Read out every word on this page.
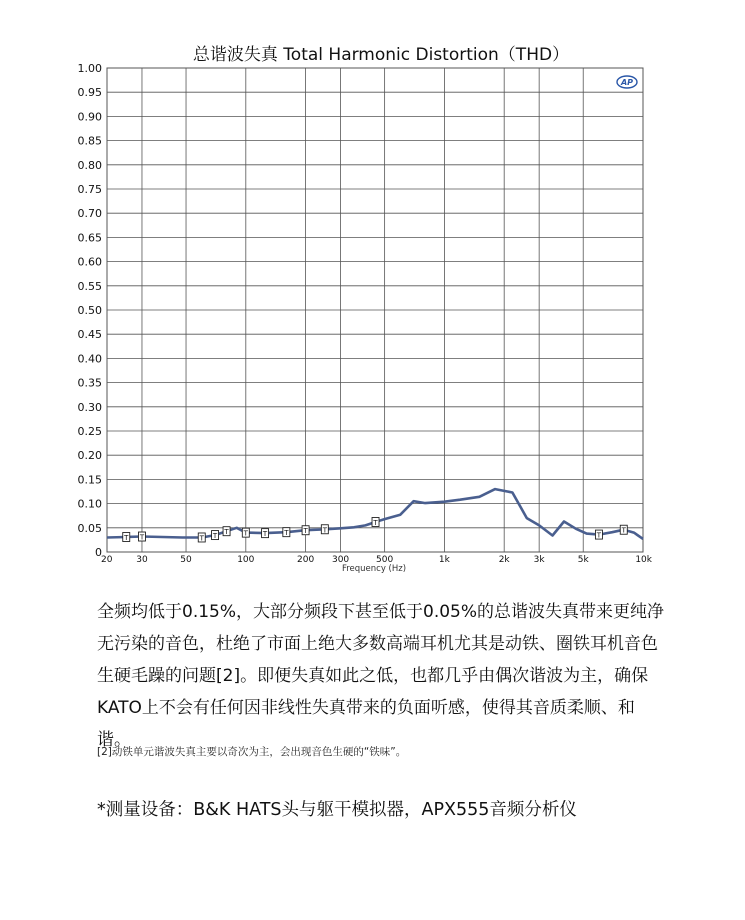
总谐波失真 Total Harmonic Distortion（THD）
0
0.05
0.10
0.15
0.20
0.25
0.30
0.35
0.40
0.45
0.50
0.55
0.60
0.65
0.70
0.75
0.80
0.85
0.90
0.95
1.00
20	30	50	100	200 300	500	1k	2k	3k	5k	10k
T T	T T T T T T T T
T
T
T
Frequency (Hz)
AP

全频均低于0.15%，大部分频段下甚至低于0.05%的总谐波失真带来更纯净无污染的音色，杜绝了市面上绝大多数高端耳机尤其是动铁、圈铁耳机音色生硬毛躁的问题[2]。即便失真如此之低，也都几乎由偶次谐波为主，确保KATO上不会有任何因非线性失真带来的负面听感，使得其音质柔顺、和谐。

[2]动铁单元谐波失真主要以奇次为主，会出现音色生硬的“铁味”。
*测量设备：B&K HATS头与躯干模拟器，APX555音频分析仪
